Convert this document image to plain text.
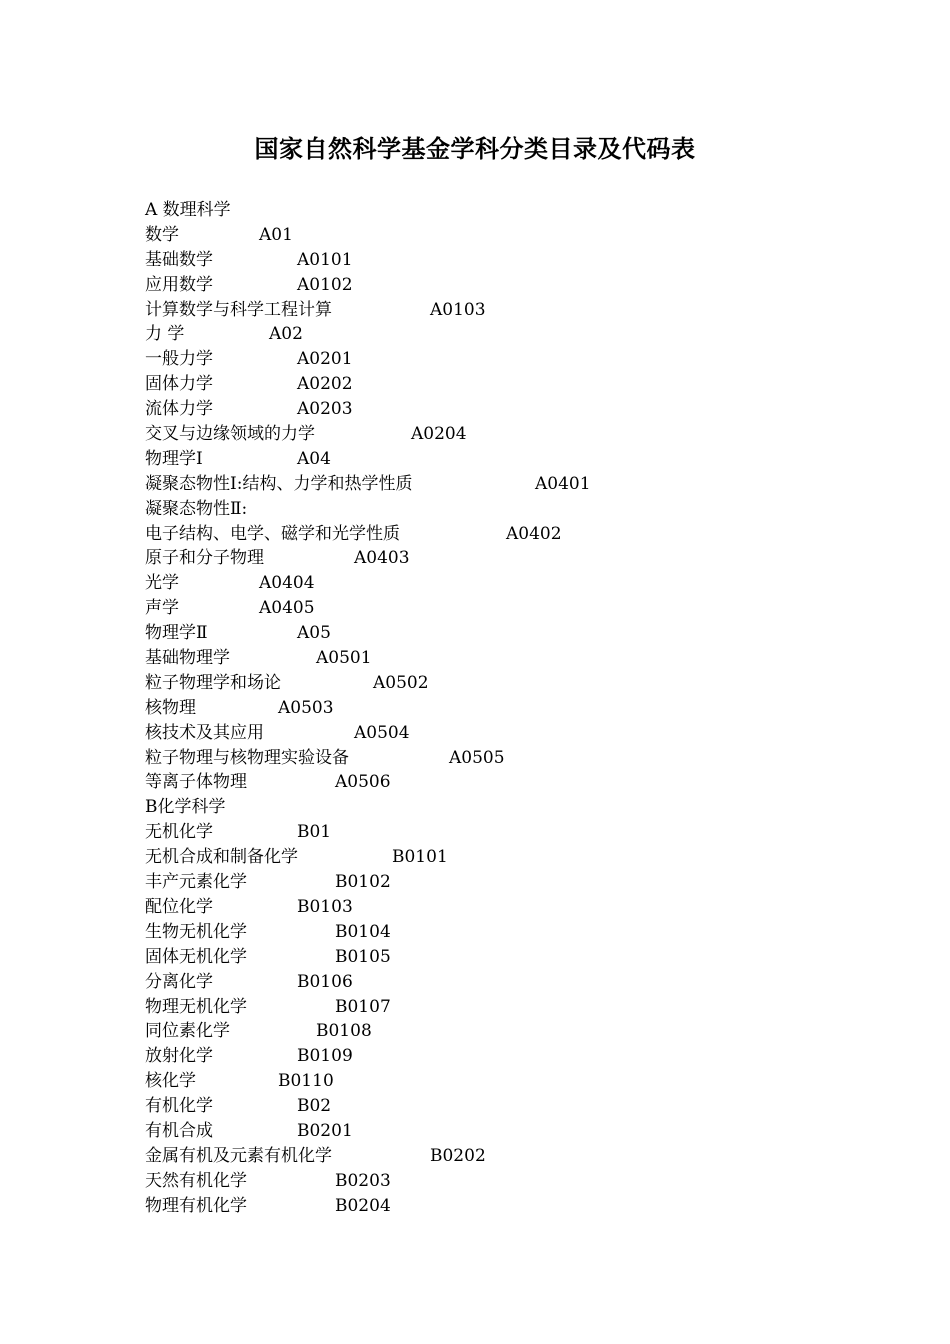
国家自然科学基金学科分类目录及代码表
A 数理科学
数学	A01
基础数学	A0101
应用数学	A0102
计算数学与科学工程计算	A0103
力 学	A02
一般力学	A0201
固体力学	A0202
流体力学	A0203
交叉与边缘领域的力学	A0204
物理学Ⅰ	A04
凝聚态物性Ⅰ:结构、力学和热学性质	A0401
凝聚态物性Ⅱ:
电子结构、电学、磁学和光学性质	A0402
原子和分子物理	A0403
光学	A0404
声学	A0405
物理学Ⅱ	A05
基础物理学	A0501
粒子物理学和场论	A0502
核物理	A0503
核技术及其应用	A0504
粒子物理与核物理实验设备	A0505
等离子体物理	A0506
B化学科学
无机化学	B01
无机合成和制备化学	B0101
丰产元素化学	B0102
配位化学	B0103
生物无机化学	B0104
固体无机化学	B0105
分离化学	B0106
物理无机化学	B0107
同位素化学	B0108
放射化学	B0109
核化学	B0110
有机化学	B02
有机合成	B0201
金属有机及元素有机化学	B0202
天然有机化学	B0203
物理有机化学	B0204
